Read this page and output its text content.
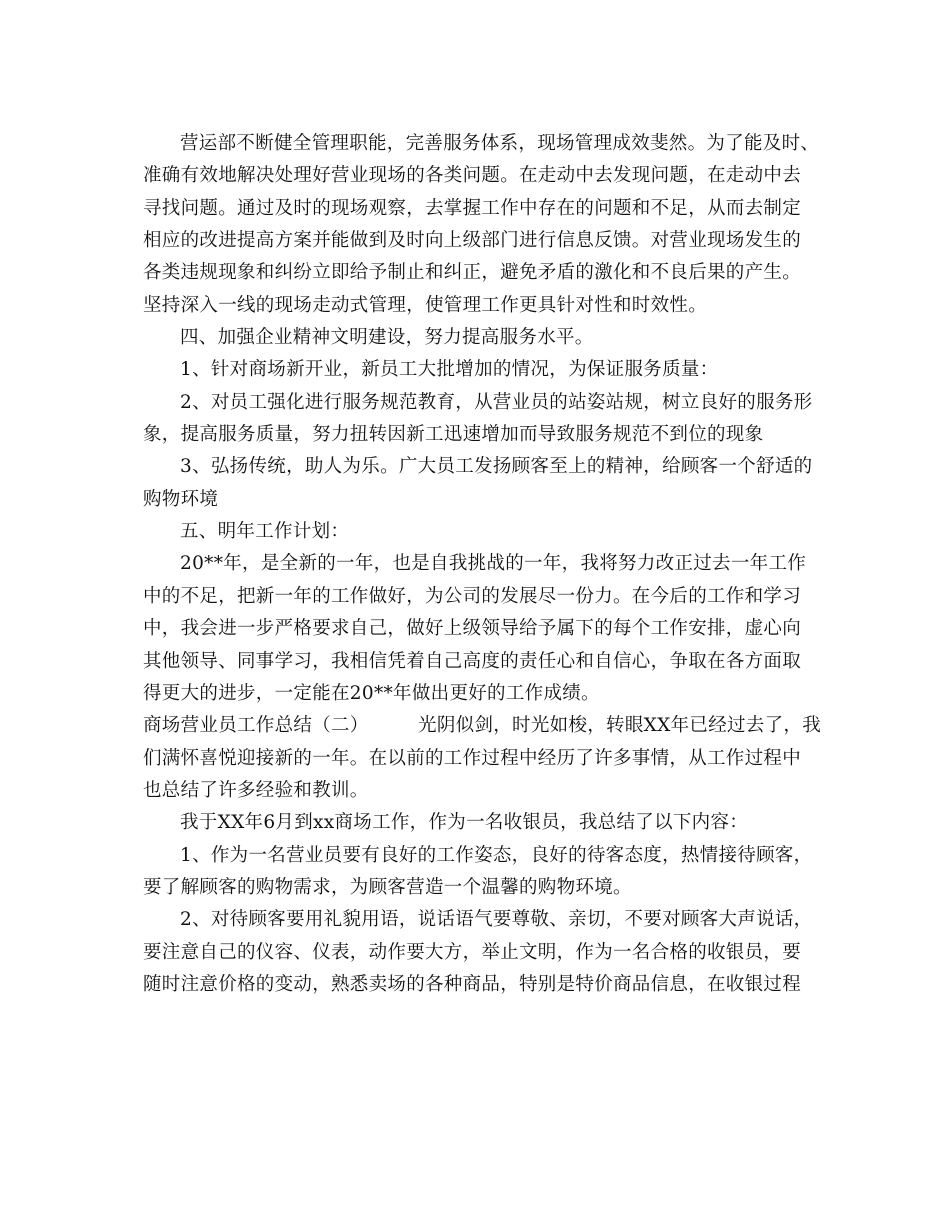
营运部不断健全管理职能，完善服务体系，现场管理成效斐然。为了能及时、
准确有效地解决处理好营业现场的各类问题。在走动中去发现问题，在走动中去
寻找问题。通过及时的现场观察，去掌握工作中存在的问题和不足，从而去制定
相应的改进提高方案并能做到及时向上级部门进行信息反馈。对营业现场发生的
各类违规现象和纠纷立即给予制止和纠正，避免矛盾的激化和不良后果的产生。
坚持深入一线的现场走动式管理，使管理工作更具针对性和时效性。
四、加强企业精神文明建设，努力提高服务水平。
1、针对商场新开业，新员工大批增加的情况，为保证服务质量：
2、对员工强化进行服务规范教育，从营业员的站姿站规，树立良好的服务形
象，提高服务质量，努力扭转因新工迅速增加而导致服务规范不到位的现象
3、弘扬传统，助人为乐。广大员工发扬顾客至上的精神，给顾客一个舒适的
购物环境
五、明年工作计划：
20**年，是全新的一年，也是自我挑战的一年，我将努力改正过去一年工作
中的不足，把新一年的工作做好，为公司的发展尽一份力。在今后的工作和学习
中，我会进一步严格要求自己，做好上级领导给予属下的每个工作安排，虚心向
其他领导、同事学习，我相信凭着自己高度的责任心和自信心，争取在各方面取
得更大的进步，一定能在20**年做出更好的工作成绩。
商场营业员工作总结（二）        光阴似剑，时光如梭，转眼XX年已经过去了，我
们满怀喜悦迎接新的一年。在以前的工作过程中经历了许多事情，从工作过程中
也总结了许多经验和教训。
我于XX年6月到xx商场工作，作为一名收银员，我总结了以下内容：
1、作为一名营业员要有良好的工作姿态，良好的待客态度，热情接待顾客，
要了解顾客的购物需求，为顾客营造一个温馨的购物环境。
2、对待顾客要用礼貌用语，说话语气要尊敬、亲切，不要对顾客大声说话，
要注意自己的仪容、仪表，动作要大方，举止文明，作为一名合格的收银员，要
随时注意价格的变动，熟悉卖场的各种商品，特别是特价商品信息，在收银过程
